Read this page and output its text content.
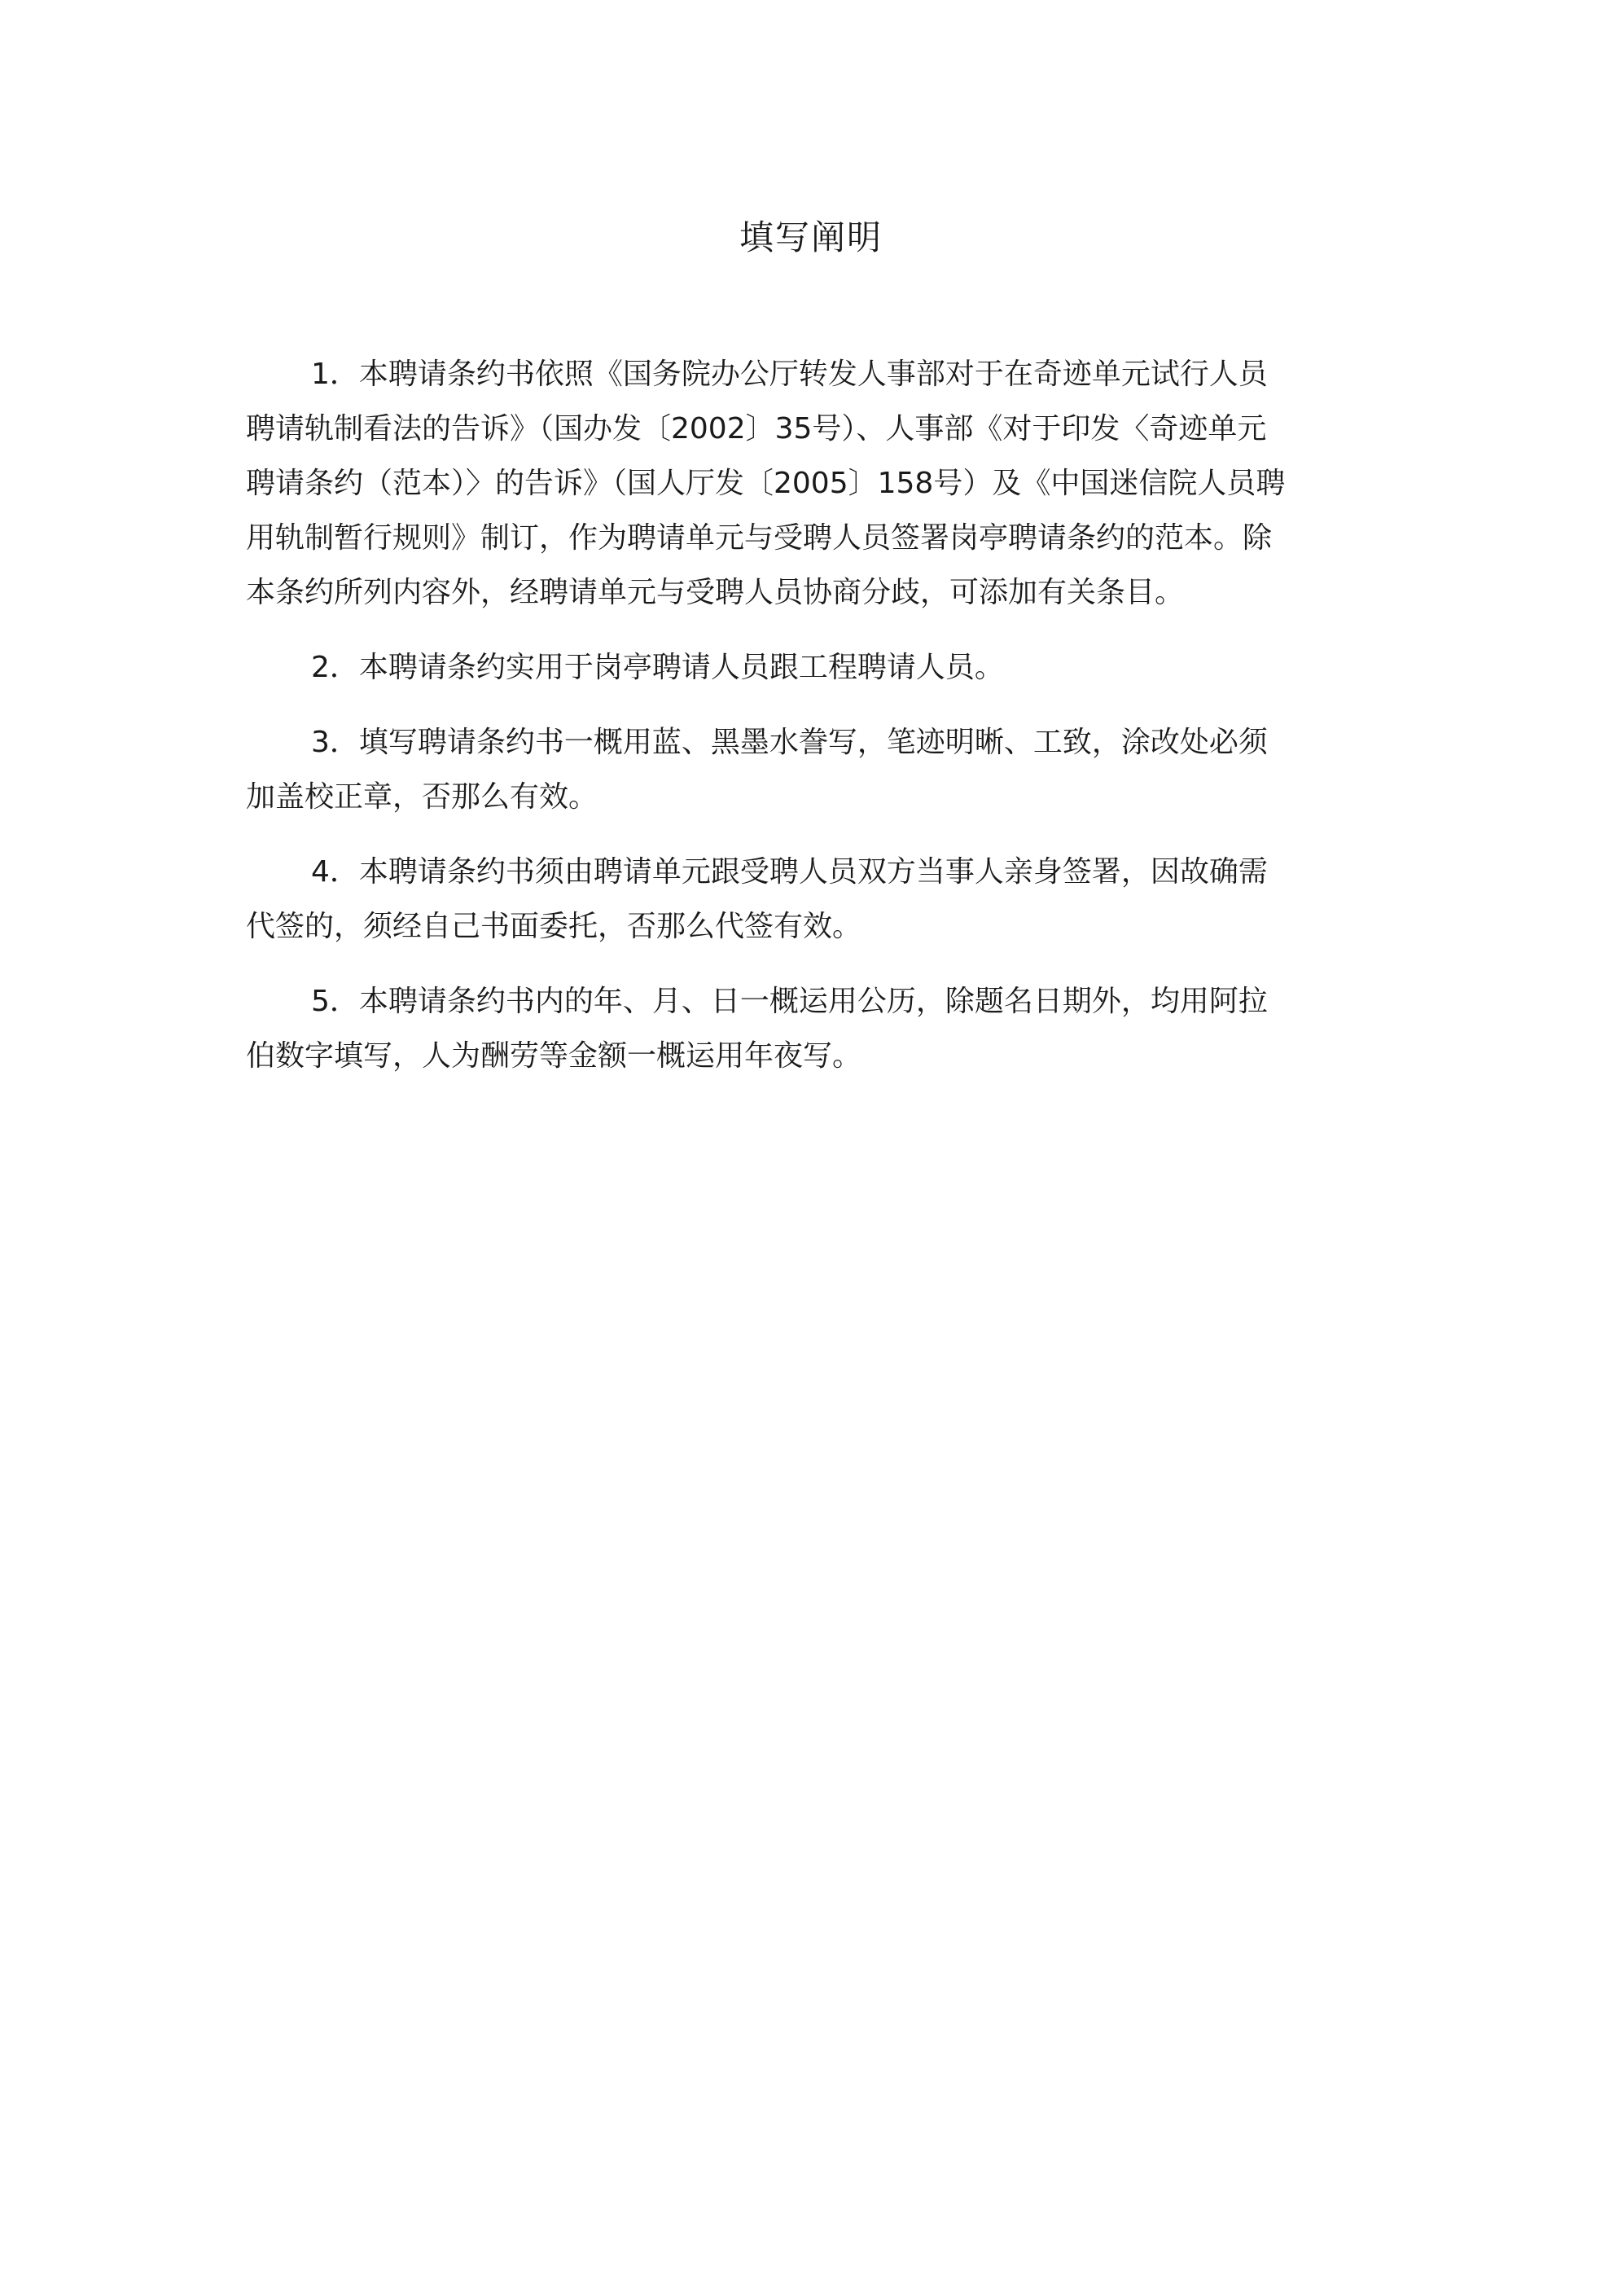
填写阐明

1．本聘请条约书依照《国务院办公厅转发人事部对于在奇迹单元试行人员
聘请轨制看法的告诉》（国办发〔2002〕35号）、人事部《对于印发〈奇迹单元
聘请条约（范本）〉的告诉》（国人厅发〔2005〕158号）及《中国迷信院人员聘
用轨制暂行规则》制订，作为聘请单元与受聘人员签署岗亭聘请条约的范本。除
本条约所列内容外，经聘请单元与受聘人员协商分歧，可添加有关条目。

2．本聘请条约实用于岗亭聘请人员跟工程聘请人员。

3．填写聘请条约书一概用蓝、黑墨水誊写，笔迹明晰、工致，涂改处必须
加盖校正章，否那么有效。

4．本聘请条约书须由聘请单元跟受聘人员双方当事人亲身签署，因故确需
代签的，须经自己书面委托，否那么代签有效。

5．本聘请条约书内的年、月、日一概运用公历，除题名日期外，均用阿拉
伯数字填写，人为酬劳等金额一概运用年夜写。
